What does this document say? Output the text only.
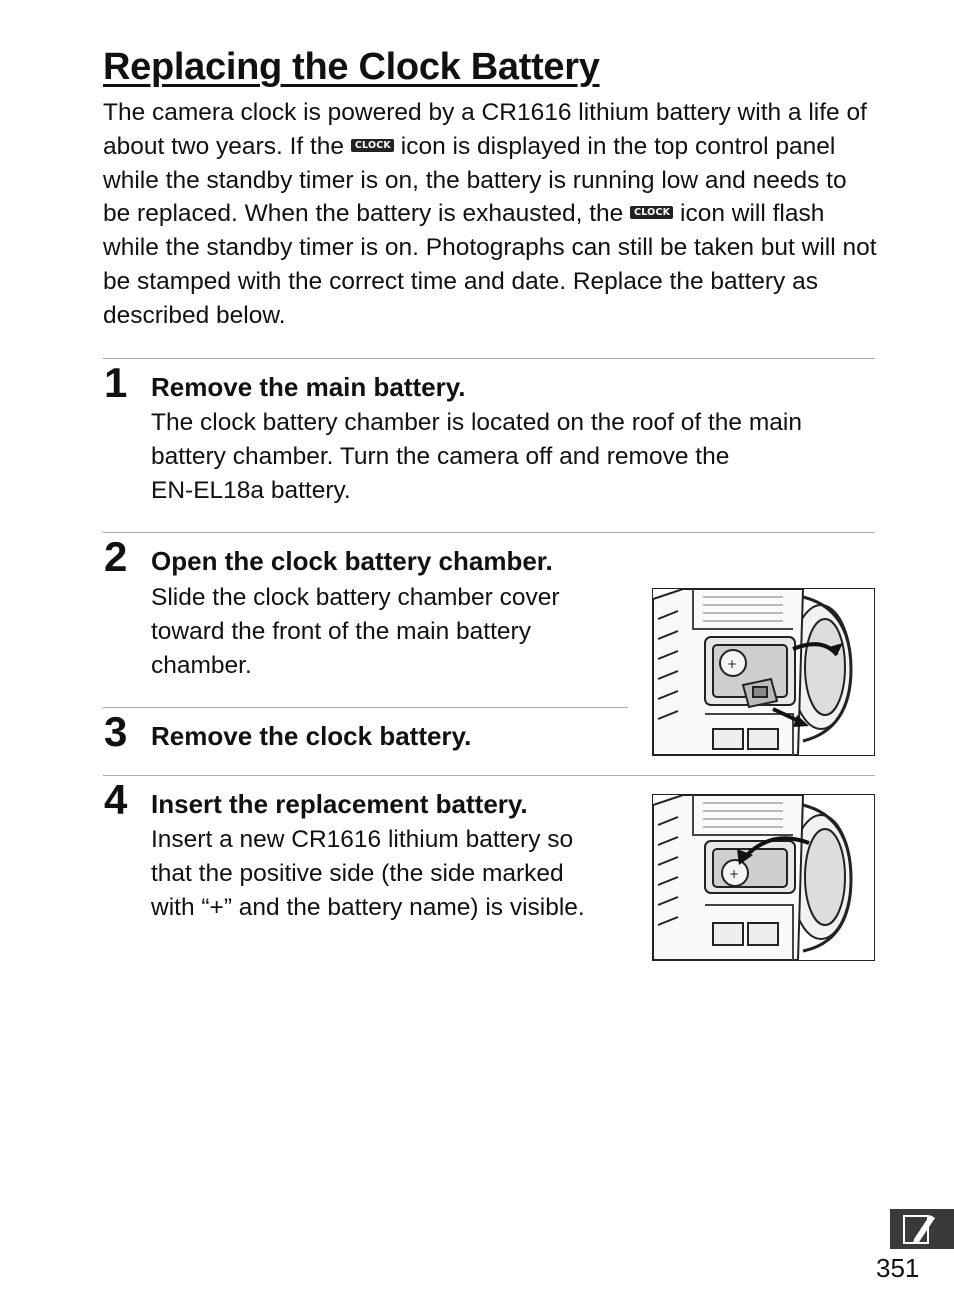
Replacing the Clock Battery
The camera clock is powered by a CR1616 lithium battery with a life of about two years. If the CLOCK icon is displayed in the top control panel while the standby timer is on, the battery is running low and needs to be replaced. When the battery is exhausted, the CLOCK icon will flash while the standby timer is on. Photographs can still be taken but will not be stamped with the correct time and date. Replace the battery as described below.
1 Remove the main battery.
The clock battery chamber is located on the roof of the main
battery chamber. Turn the camera off and remove the
EN-EL18a battery.
2 Open the clock battery chamber.
Slide the clock battery chamber cover
toward the front of the main battery
chamber.
3 Remove the clock battery.
4 Insert the replacement battery.
Insert a new CR1616 lithium battery so
that the positive side (the side marked
with “+” and the battery name) is visible.
+
+
351
